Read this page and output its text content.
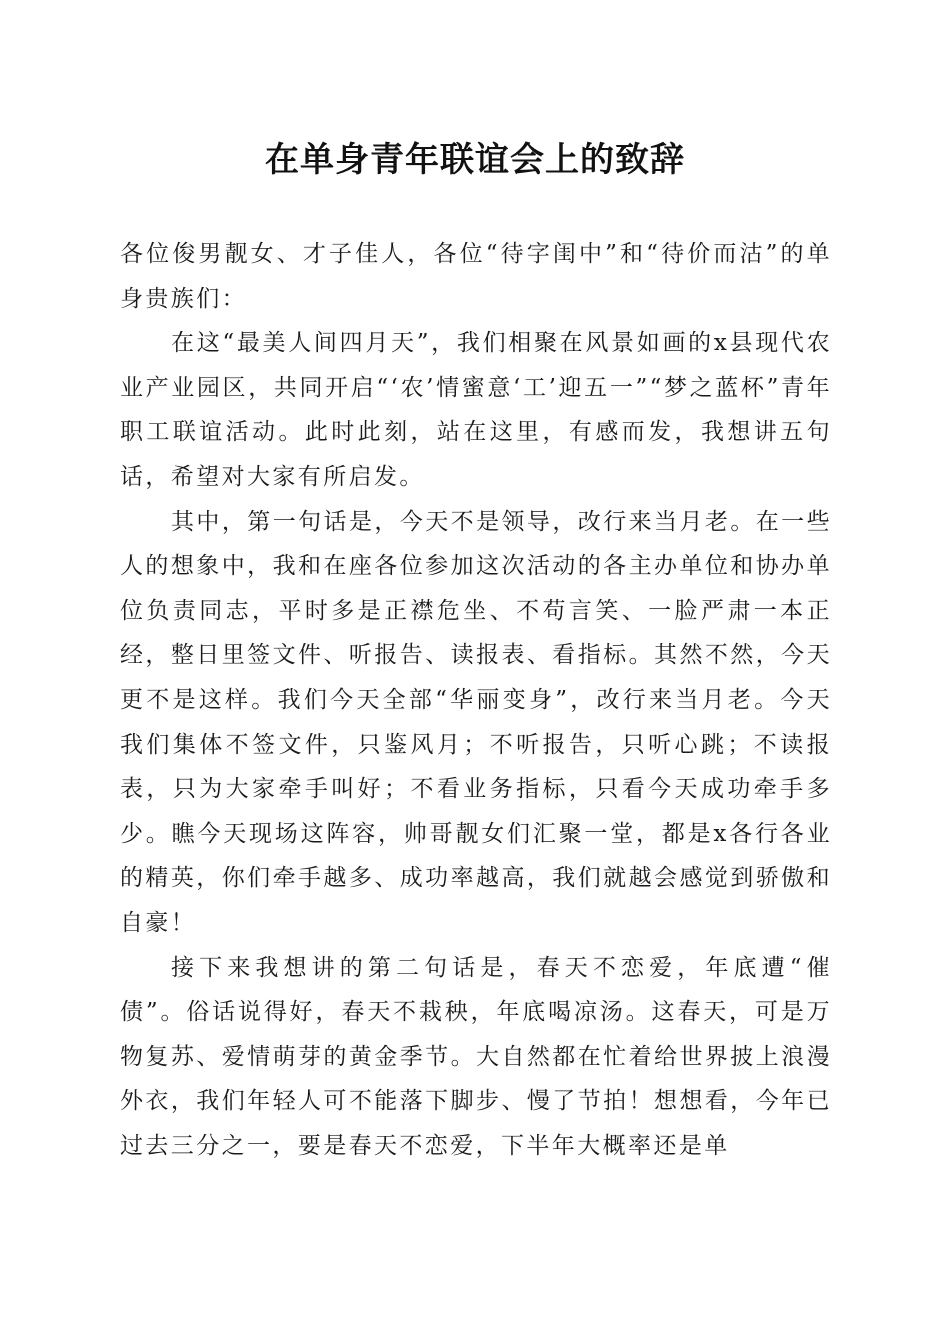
在单身青年联谊会上的致辞

各位俊男靓女、才子佳人，各位“待字闺中”和“待价而沽”的单身贵族们：

在这“最美人间四月天”，我们相聚在风景如画的x县现代农业产业园区，共同开启“‘农’情蜜意‘工’迎五一”“梦之蓝杯”青年职工联谊活动。此时此刻，站在这里，有感而发，我想讲五句话，希望对大家有所启发。

其中，第一句话是，今天不是领导，改行来当月老。在一些人的想象中，我和在座各位参加这次活动的各主办单位和协办单位负责同志，平时多是正襟危坐、不苟言笑、一脸严肃一本正经，整日里签文件、听报告、读报表、看指标。其然不然，今天更不是这样。我们今天全部“华丽变身”，改行来当月老。今天我们集体不签文件，只鉴风月；不听报告，只听心跳；不读报表，只为大家牵手叫好；不看业务指标，只看今天成功牵手多少。瞧今天现场这阵容，帅哥靓女们汇聚一堂，都是x各行各业的精英，你们牵手越多、成功率越高，我们就越会感觉到骄傲和自豪！

接下来我想讲的第二句话是，春天不恋爱，年底遭“催债”。俗话说得好，春天不栽秧，年底喝凉汤。这春天，可是万物复苏、爱情萌芽的黄金季节。大自然都在忙着给世界披上浪漫外衣，我们年轻人可不能落下脚步、慢了节拍！想想看，今年已过去三分之一，要是春天不恋爱，下半年大概率还是单
